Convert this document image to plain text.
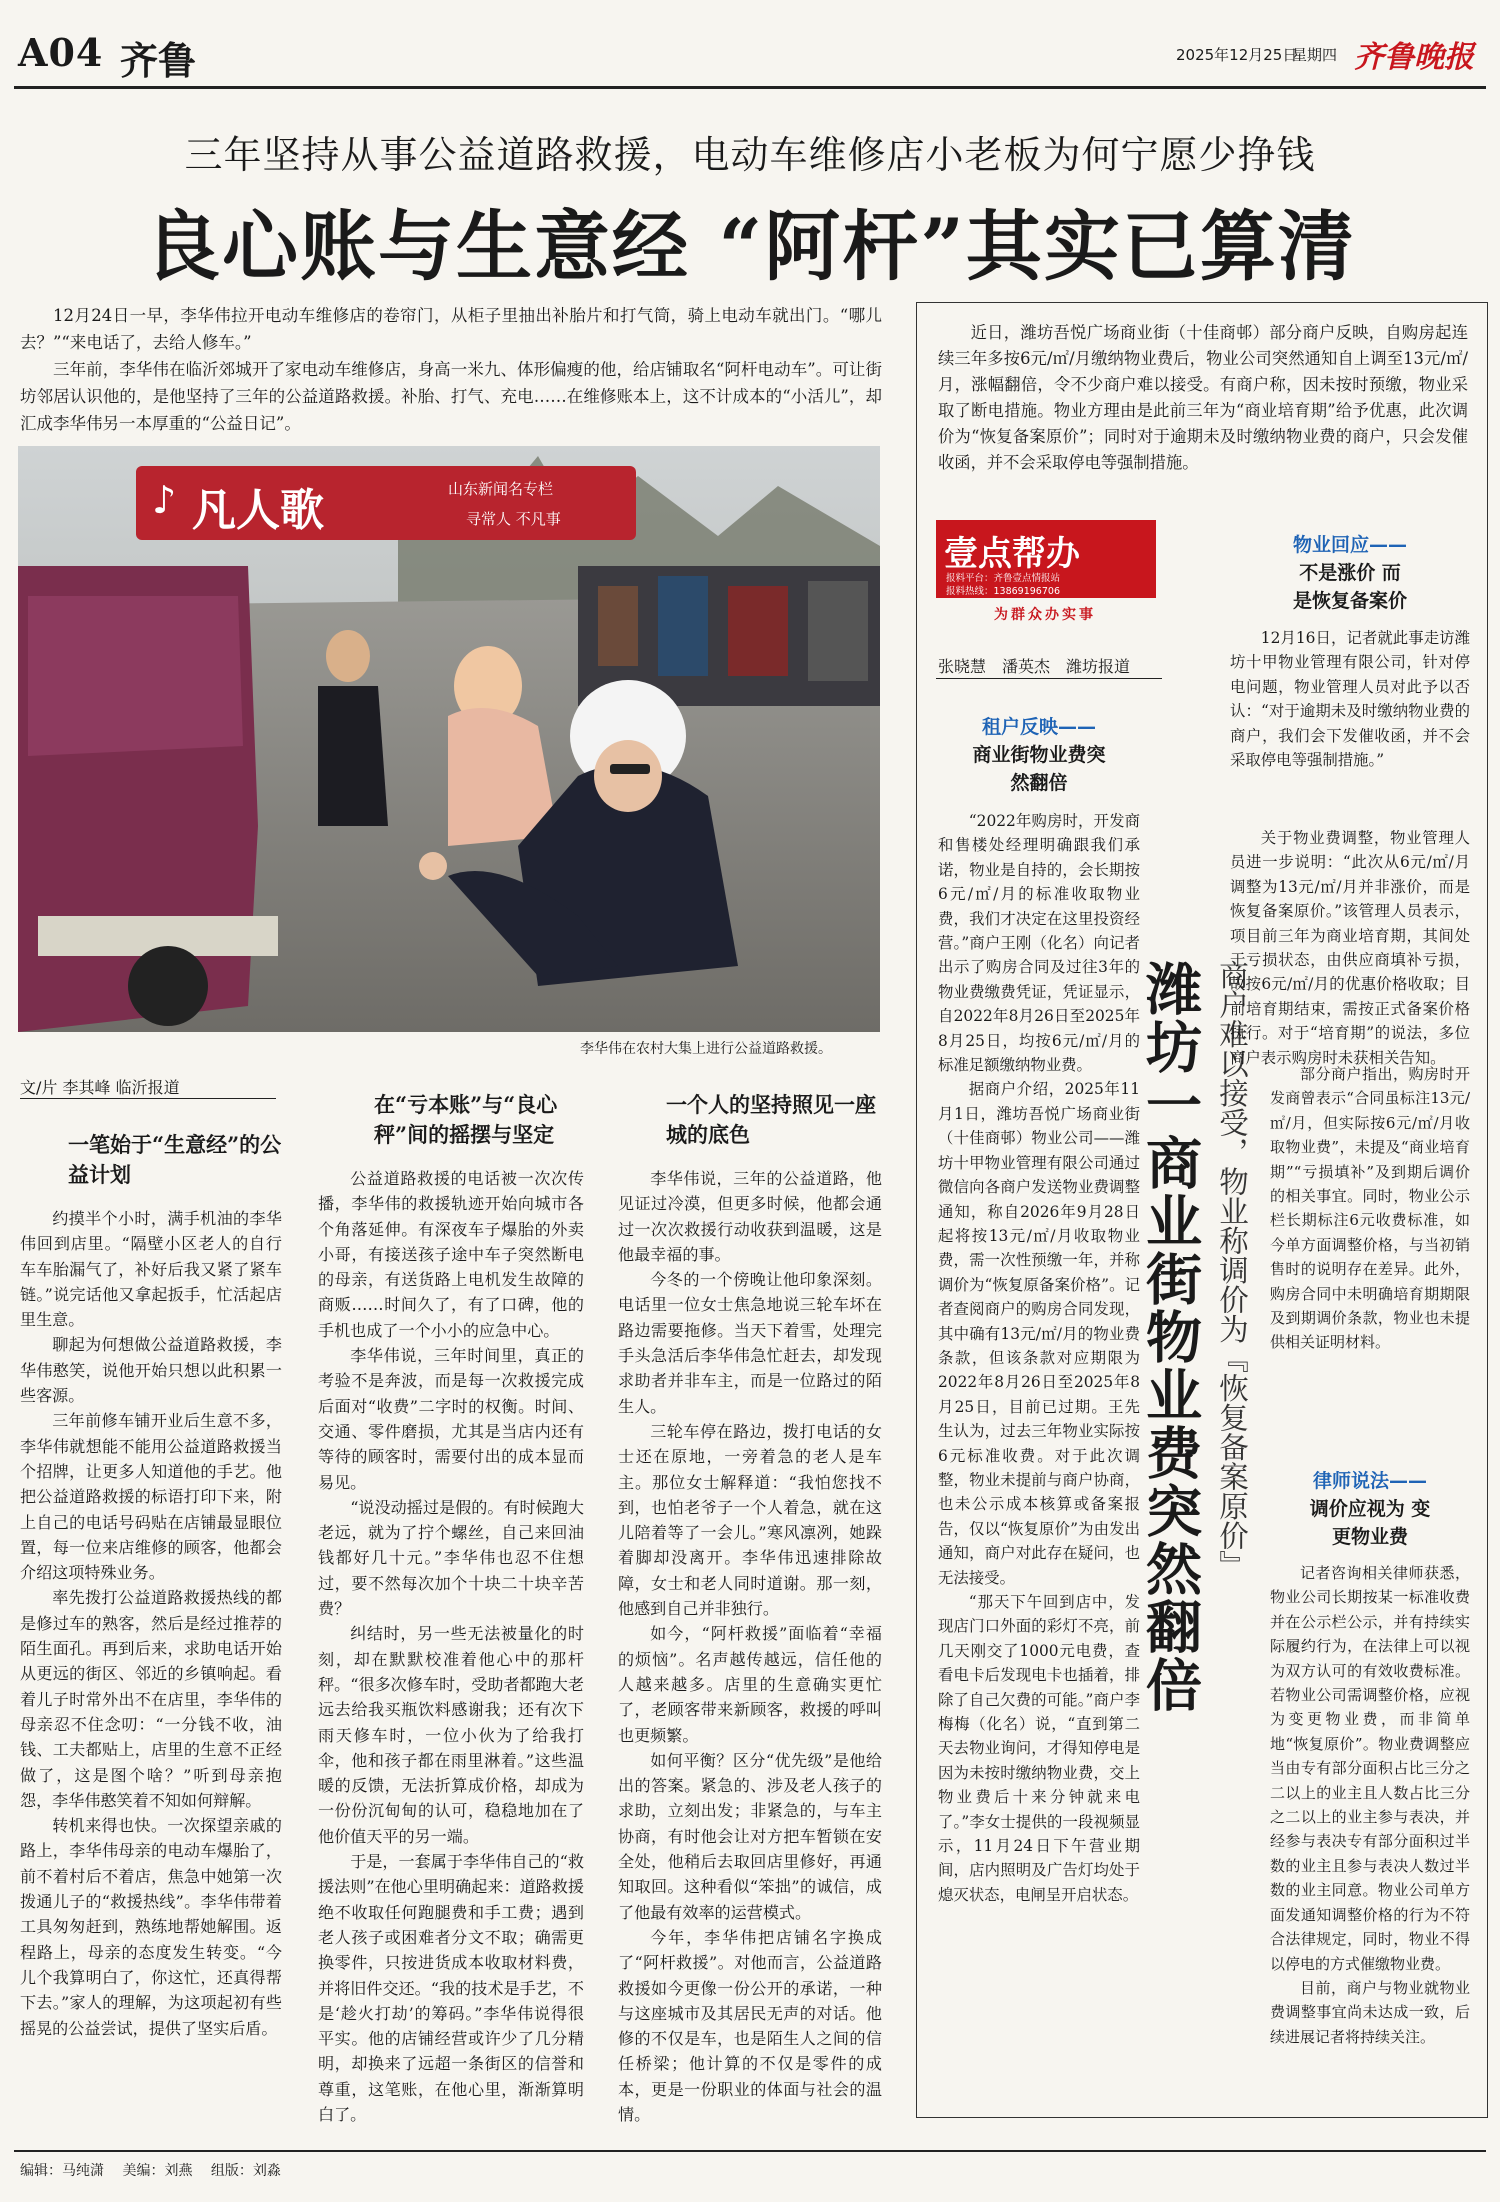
A04 齐鲁	2025年12月25日
星期四 齐鲁晚报
三年坚持从事公益道路救援，电动车维修店小老板为何宁愿少挣钱
良心账与生意经 “阿杆”其实已算清

12月24日一早，李华伟拉开电动车维修店的卷帘门，从柜子里抽出补胎片和打气筒，骑上电动车就出门。“哪儿去？”“来电话了，去给人修车。”

三年前，李华伟在临沂郊城开了家电动车维修店，身高一米九、体形偏瘦的他，给店铺取名“阿杆电动车”。可让街坊邻居认识他的，是他坚持了三年的公益道路救援。补胎、打气、充电……在维修账本上，这不计成本的“小活儿”，却汇成李华伟另一本厚重的“公益日记”。

♪ 凡人歌	山东新闻名专栏
寻常人 不凡事
李华伟在农村大集上进行公益道路救援。
文/片 李其峰 临沂报道
一笔始于“生意经”的公益计划

约摸半个小时，满手机油的李华伟回到店里。“隔壁小区老人的自行车车胎漏气了，补好后我又紧了紧车链。”说完话他又拿起扳手，忙活起店里生意。

聊起为何想做公益道路救援，李华伟憨笑，说他开始只想以此积累一些客源。

三年前修车铺开业后生意不多，李华伟就想能不能用公益道路救援当个招牌，让更多人知道他的手艺。他把公益道路救援的标语打印下来，附上自己的电话号码贴在店铺最显眼位置，每一位来店维修的顾客，他都会介绍这项特殊业务。

率先拨打公益道路救援热线的都是修过车的熟客，然后是经过推荐的陌生面孔。再到后来，求助电话开始从更远的街区、邻近的乡镇响起。看着儿子时常外出不在店里，李华伟的母亲忍不住念叨：“一分钱不收，油钱、工夫都贴上，店里的生意不正经做了，这是图个啥？”听到母亲抱怨，李华伟憨笑着不知如何辩解。

转机来得也快。一次探望亲戚的路上，李华伟母亲的电动车爆胎了，前不着村后不着店，焦急中她第一次拨通儿子的“救援热线”。李华伟带着工具匆匆赶到，熟练地帮她解围。返程路上，母亲的态度发生转变。“今儿个我算明白了，你这忙，还真得帮下去。”家人的理解，为这项起初有些摇晃的公益尝试，提供了坚实后盾。

在“亏本账”与“良心秤”间的摇摆与坚定

公益道路救援的电话被一次次传播，李华伟的救援轨迹开始向城市各个角落延伸。有深夜车子爆胎的外卖小哥，有接送孩子途中车子突然断电的母亲，有送货路上电机发生故障的商贩……时间久了，有了口碑，他的手机也成了一个小小的应急中心。

李华伟说，三年时间里，真正的考验不是奔波，而是每一次救援完成后面对“收费”二字时的权衡。时间、交通、零件磨损，尤其是当店内还有等待的顾客时，需要付出的成本显而易见。

“说没动摇过是假的。有时候跑大老远，就为了拧个螺丝，自己来回油钱都好几十元。”李华伟也忍不住想过，要不然每次加个十块二十块辛苦费？

纠结时，另一些无法被量化的时刻，却在默默校准着他心中的那杆秤。“很多次修车时，受助者都跑大老远去给我买瓶饮料感谢我；还有次下雨天修车时，一位小伙为了给我打伞，他和孩子都在雨里淋着。”这些温暖的反馈，无法折算成价格，却成为一份份沉甸甸的认可，稳稳地加在了他价值天平的另一端。

于是，一套属于李华伟自己的“救援法则”在他心里明确起来：道路救援绝不收取任何跑腿费和手工费；遇到老人孩子或困难者分文不取；确需更换零件，只按进货成本收取材料费，并将旧件交还。“我的技术是手艺，不是‘趁火打劫’的筹码。”李华伟说得很平实。他的店铺经营或许少了几分精明，却换来了远超一条街区的信誉和尊重，这笔账，在他心里，渐渐算明白了。

一个人的坚持照见一座城的底色

李华伟说，三年的公益道路，他见证过冷漠，但更多时候，他都会通过一次次救援行动收获到温暖，这是他最幸福的事。

今冬的一个傍晚让他印象深刻。电话里一位女士焦急地说三轮车坏在路边需要拖修。当天下着雪，处理完手头急活后李华伟急忙赶去，却发现求助者并非车主，而是一位路过的陌生人。

三轮车停在路边，拨打电话的女士还在原地，一旁着急的老人是车主。那位女士解释道：“我怕您找不到，也怕老爷子一个人着急，就在这儿陪着等了一会儿。”寒风凛冽，她跺着脚却没离开。李华伟迅速排除故障，女士和老人同时道谢。那一刻，他感到自己并非独行。

如今，“阿杆救援”面临着“幸福的烦恼”。名声越传越远，信任他的人越来越多。店里的生意确实更忙了，老顾客带来新顾客，救援的呼叫也更频繁。

如何平衡？区分“优先级”是他给出的答案。紧急的、涉及老人孩子的求助，立刻出发；非紧急的，与车主协商，有时他会让对方把车暂锁在安全处，他稍后去取回店里修好，再通知取回。这种看似“笨拙”的诚信，成了他最有效率的运营模式。

今年，李华伟把店铺名字换成了“阿杆救援”。对他而言，公益道路救援如今更像一份公开的承诺，一种与这座城市及其居民无声的对话。他修的不仅是车，也是陌生人之间的信任桥梁；他计算的不仅是零件的成本，更是一份职业的体面与社会的温情。

近日，潍坊吾悦广场商业街（十佳商邨）部分商户反映，自购房起连续三年多按6元/㎡/月缴纳物业费后，物业公司突然通知自上调至13元/㎡/月，涨幅翻倍，令不少商户难以接受。有商户称，因未按时预缴，物业采取了断电措施。物业方理由是此前三年为“商业培育期”给予优惠，此次调价为“恢复备案原价”；同时对于逾期未及时缴纳物业费的商户，只会发催收函，并不会采取停电等强制措施。

壹点帮办
报料平台：齐鲁壹点情报站
报料热线：13869196706
为群众办实事
张晓慧　潘英杰　潍坊报道
潍坊一商业街物业费突然翻倍 商户难以接受，物业称调价为『恢复备案原价』
租户反映——
商业街物业费突然翻倍

“2022年购房时，开发商和售楼处经理明确跟我们承诺，物业是自持的，会长期按6元/㎡/月的标准收取物业费，我们才决定在这里投资经营。”商户王刚（化名）向记者出示了购房合同及过往3年的物业费缴费凭证，凭证显示，自2022年8月26日至2025年8月25日，均按6元/㎡/月的标准足额缴纳物业费。

据商户介绍，2025年11月1日，潍坊吾悦广场商业街（十佳商邨）物业公司——潍坊十甲物业管理有限公司通过微信向各商户发送物业费调整通知，称自2026年9月28日起将按13元/㎡/月收取物业费，需一次性预缴一年，并称调价为“恢复原备案价格”。记者查阅商户的购房合同发现，其中确有13元/㎡/月的物业费条款，但该条款对应期限为2022年8月26日至2025年8月25日，目前已过期。王先生认为，过去三年物业实际按6元标准收费。对于此次调整，物业未提前与商户协商，也未公示成本核算或备案报告，仅以“恢复原价”为由发出通知，商户对此存在疑问，也无法接受。

“那天下午回到店中，发现店门口外面的彩灯不亮，前几天刚交了1000元电费，查看电卡后发现电卡也插着，排除了自己欠费的可能。”商户李梅梅（化名）说，“直到第二天去物业询问，才得知停电是因为未按时缴纳物业费，交上物业费后十来分钟就来电了。”李女士提供的一段视频显示，11月24日下午营业期间，店内照明及广告灯均处于熄灭状态，电闸呈开启状态。

物业回应——
不是涨价 而是恢复备案价

12月16日，记者就此事走访潍坊十甲物业管理有限公司，针对停电问题，物业管理人员对此予以否认：“对于逾期未及时缴纳物业费的商户，我们会下发催收函，并不会采取停电等强制措施。”

关于物业费调整，物业管理人员进一步说明：“此次从6元/㎡/月调整为13元/㎡/月并非涨价，而是恢复备案原价。”该管理人员表示，项目前三年为商业培育期，其间处于亏损状态，由供应商填补亏损，故按6元/㎡/月的优惠价格收取；目前培育期结束，需按正式备案价格执行。对于“培育期”的说法，多位商户表示购房时未获相关告知。

部分商户指出，购房时开发商曾表示“合同虽标注13元/㎡/月，但实际按6元/㎡/月收取物业费”，未提及“商业培育期”“亏损填补”及到期后调价的相关事宜。同时，物业公示栏长期标注6元收费标准，如今单方面调整价格，与当初销售时的说明存在差异。此外，购房合同中未明确培育期期限及到期调价条款，物业也未提供相关证明材料。

律师说法——
调价应视为 变更物业费

记者咨询相关律师获悉，物业公司长期按某一标准收费并在公示栏公示，并有持续实际履约行为，在法律上可以视为双方认可的有效收费标准。若物业公司需调整价格，应视为变更物业费，而非简单地“恢复原价”。物业费调整应当由专有部分面积占比三分之二以上的业主且人数占比三分之二以上的业主参与表决，并经参与表决专有部分面积过半数的业主且参与表决人数过半数的业主同意。物业公司单方面发通知调整价格的行为不符合法律规定，同时，物业不得以停电的方式催缴物业费。

目前，商户与物业就物业费调整事宜尚未达成一致，后续进展记者将持续关注。

编辑：马纯潇 美编：刘燕 组版：刘淼
